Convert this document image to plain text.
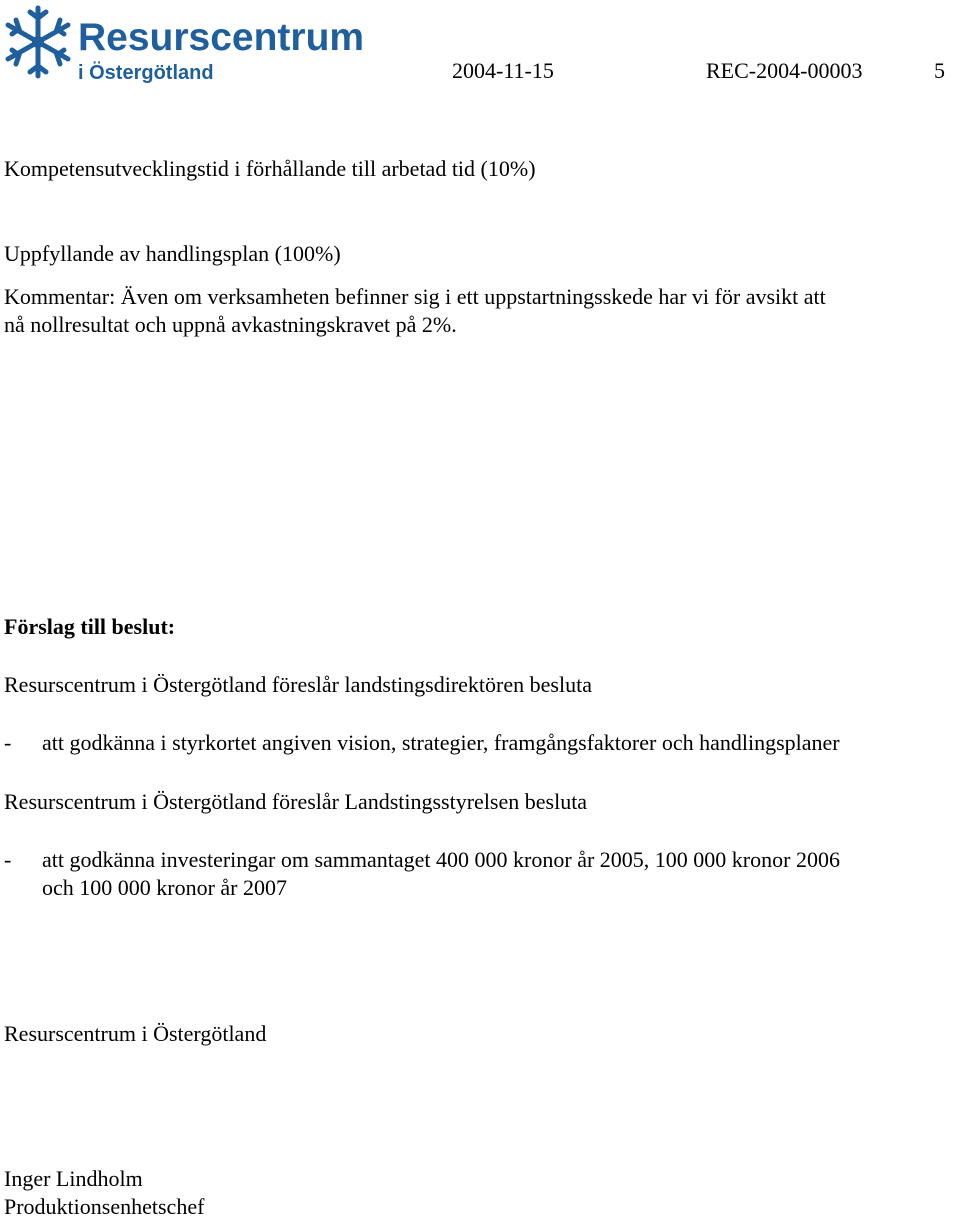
Resurscentrum
i Östergötland	2004-11-15	REC-2004-00003	5
Kompetensutvecklingstid i förhållande till arbetad tid (10%)
Uppfyllande av handlingsplan (100%)
Kommentar: Även om verksamheten befinner sig i ett uppstartningsskede har vi för avsikt att
nå nollresultat och uppnå avkastningskravet på 2%.
Förslag till beslut:
Resurscentrum i Östergötland föreslår landstingsdirektören besluta
- att godkänna i styrkortet angiven vision, strategier, framgångsfaktorer och handlingsplaner
Resurscentrum i Östergötland föreslår Landstingsstyrelsen besluta
- att godkänna investeringar om sammantaget 400 000 kronor år 2005, 100 000 kronor 2006
och 100 000 kronor år 2007
Resurscentrum i Östergötland
Inger Lindholm
Produktionsenhetschef
